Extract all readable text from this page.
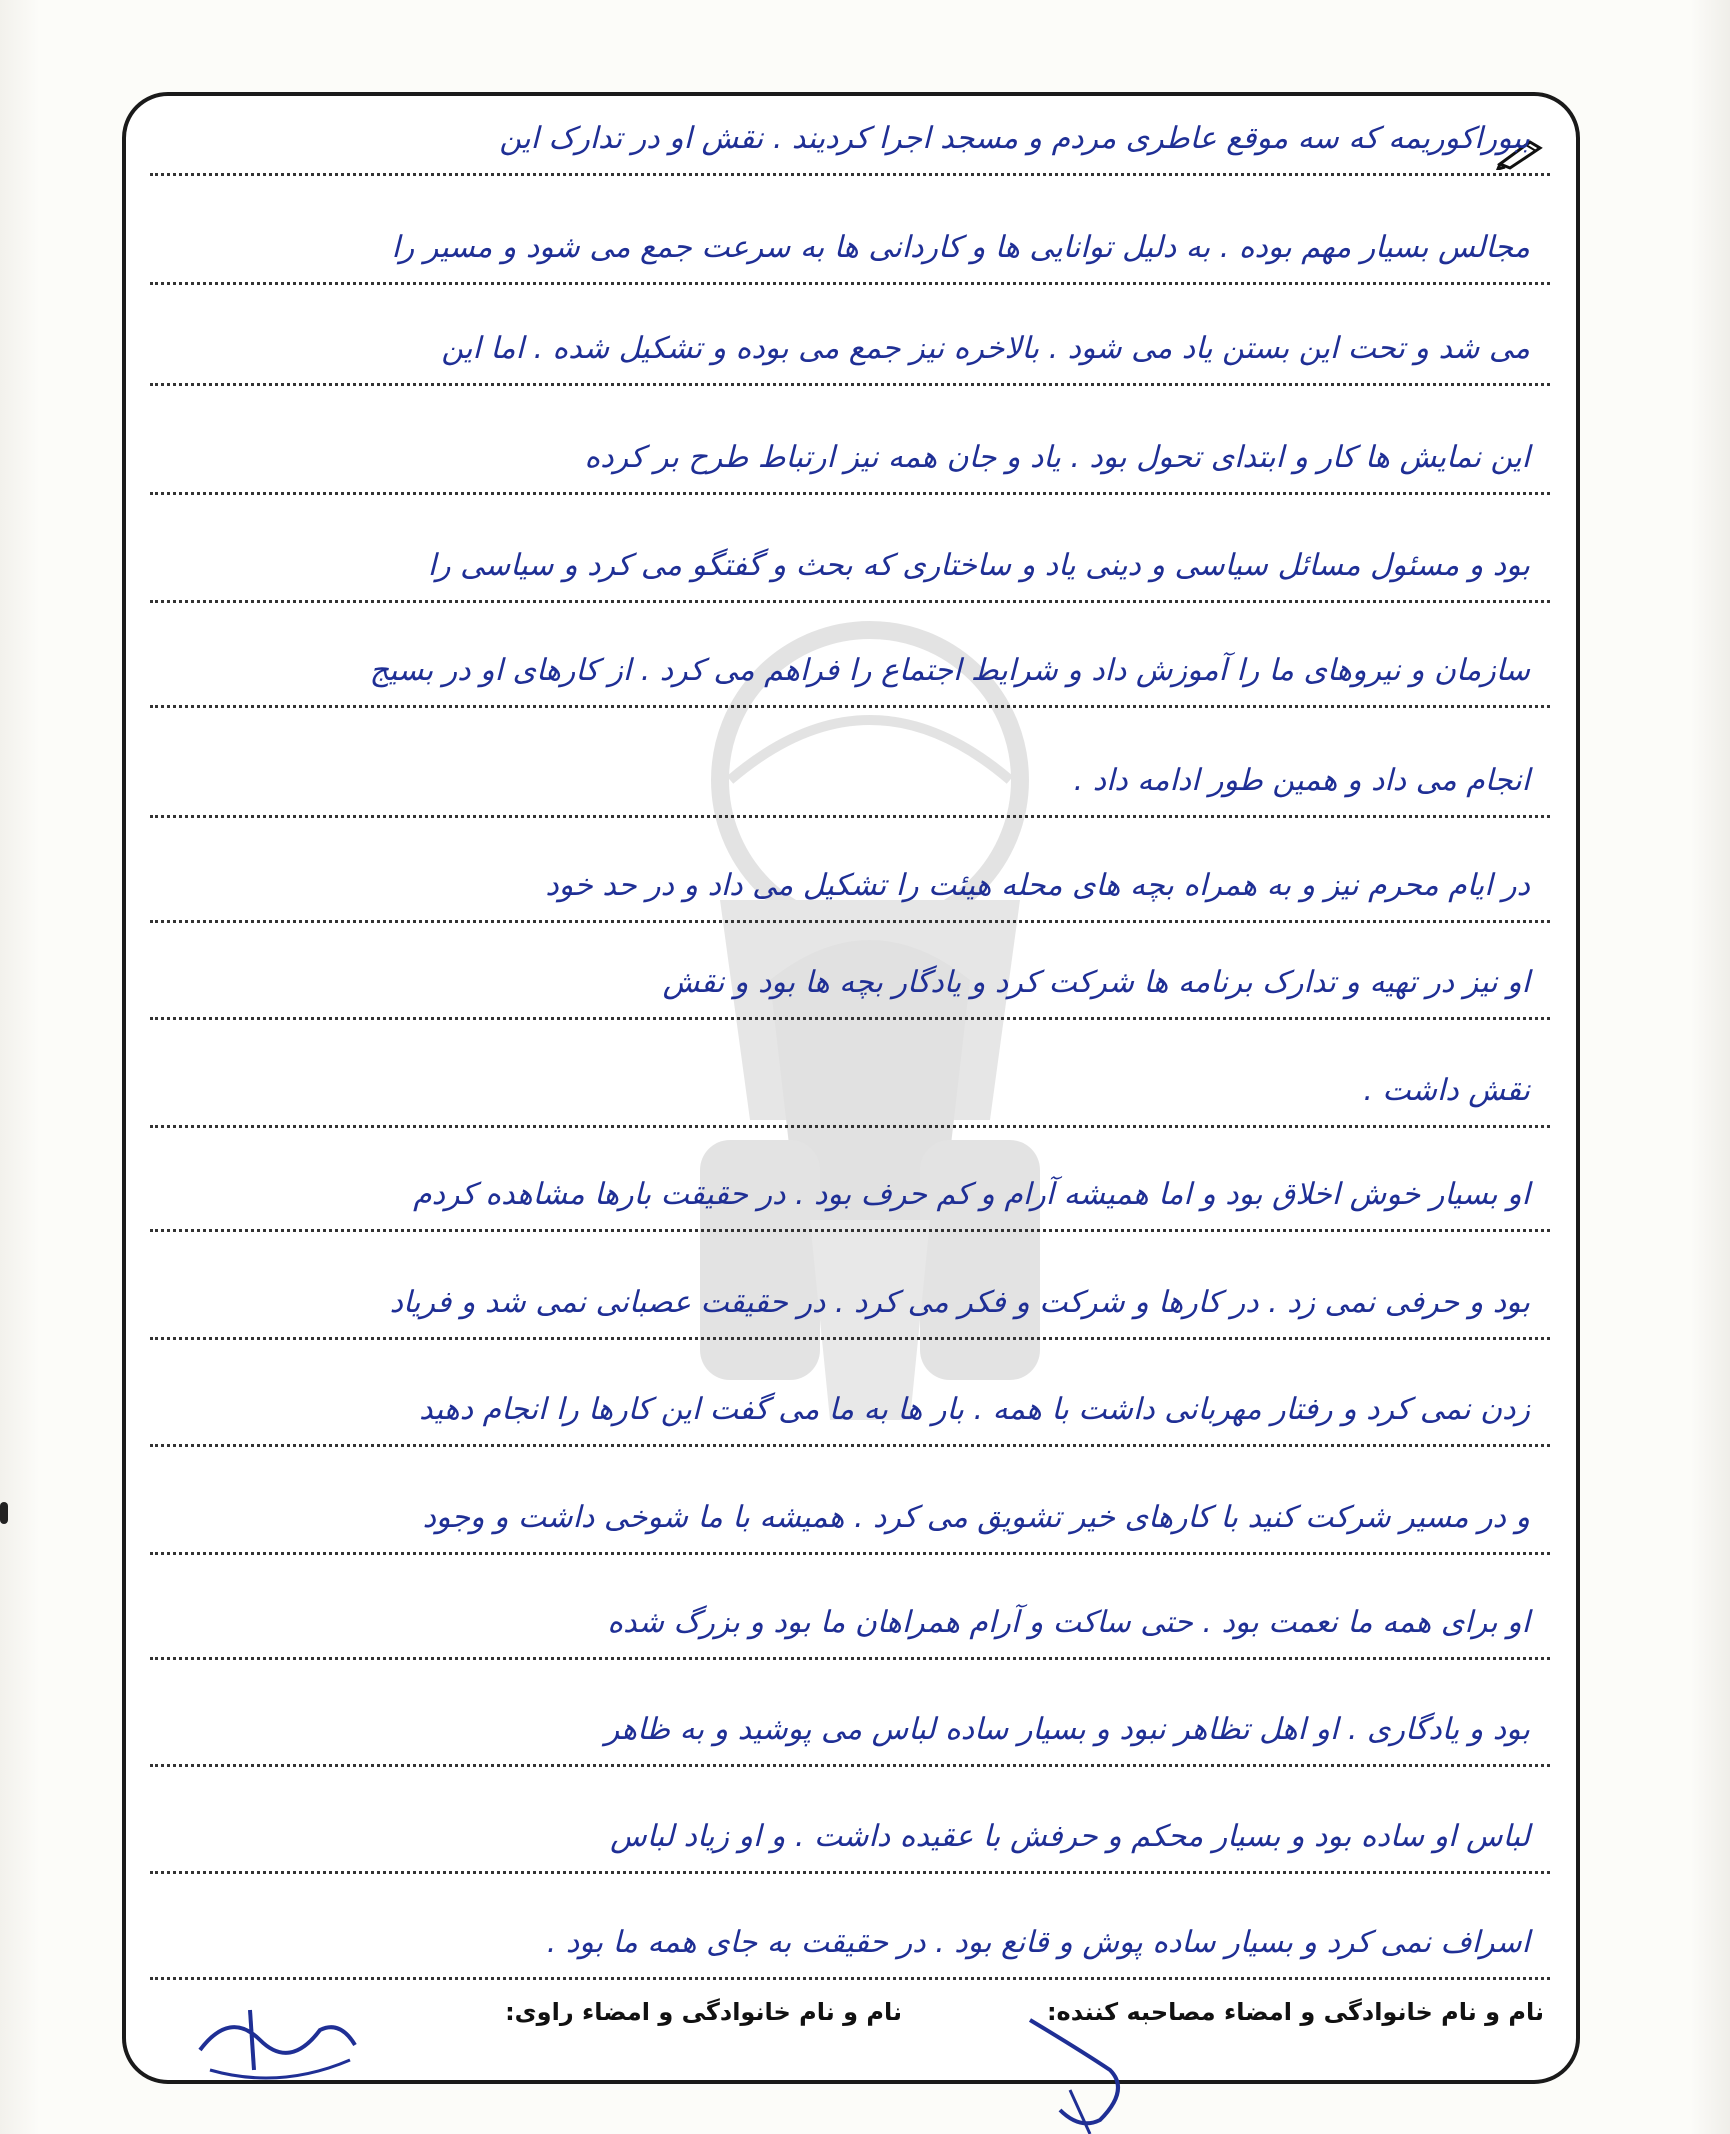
ببوراکوریمه که سه موقع عاطری مردم و مسجد اجرا کردیند . نقش او در تدارک این
مجالس بسیار مهم بوده . به دلیل توانایی ها و کاردانی ها به سرعت جمع می شود و مسیر را
می شد و تحت این بستن یاد می شود . بالاخره نیز جمع می بوده و تشکیل شده . اما این
این نمایش ها کار و ابتدای تحول بود . یاد و جان همه نیز ارتباط طرح بر کرده
بود و مسئول مسائل سیاسی و دینی یاد و ساختاری که بحث و گفتگو می کرد و سیاسی را
سازمان و نیروهای ما را آموزش داد و شرایط اجتماع را فراهم می کرد . از کارهای او در بسیج
انجام می داد و همین طور ادامه داد .
در ایام محرم نیز و به همراه بچه های محله هیئت را تشکیل می داد و در حد خود
او نیز در تهیه و تدارک برنامه ها شرکت کرد و یادگار بچه ها بود و نقش
نقش داشت .
او بسیار خوش اخلاق بود و اما همیشه آرام و کم حرف بود . در حقیقت بارها مشاهده کردم
بود و حرفی نمی زد . در کارها و شرکت و فکر می کرد . در حقیقت عصبانی نمی شد و فریاد
زدن نمی کرد و رفتار مهربانی داشت با همه . بار ها به ما می گفت این کارها را انجام دهید
و در مسیر شرکت کنید با کارهای خیر تشویق می کرد . همیشه با ما شوخی داشت و وجود
او برای همه ما نعمت بود . حتی ساکت و آرام همراهان ما بود و بزرگ شده
بود و یادگاری . او اهل تظاهر نبود و بسیار ساده لباس می پوشید و به ظاهر
لباس او ساده بود و بسیار محکم و حرفش با عقیده داشت . و او زیاد لباس
اسراف نمی کرد و بسیار ساده پوش و قانع بود . در حقیقت به جای همه ما بود .
نام و نام خانوادگی و امضاء مصاحبه کننده:
نام و نام خانوادگی و امضاء راوی:
